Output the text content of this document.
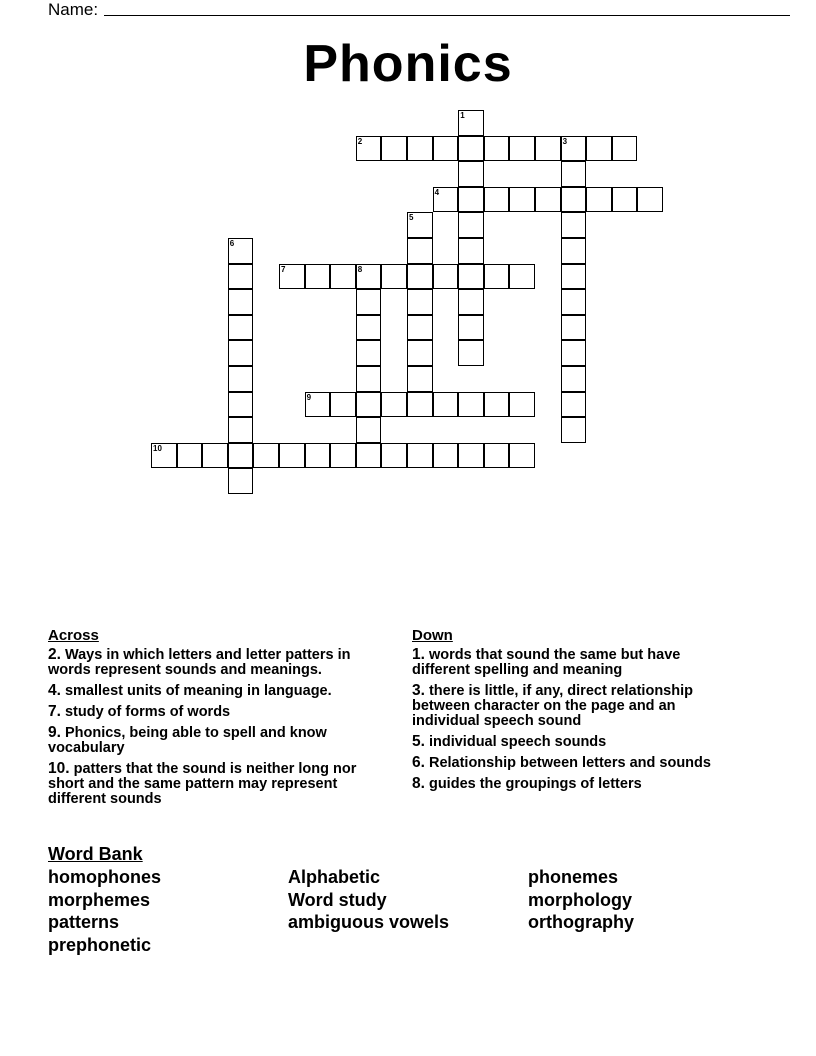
Name:
Phonics
1
2	3
4
5
6
7	8
9
10
Across
2. Ways in which letters and letter patters in words represent sounds and meanings.
4. smallest units of meaning in language.
7. study of forms of words
9. Phonics, being able to spell and know vocabulary
10. patters that the sound is neither long nor short and the same pattern may represent different sounds
Down
1. words that sound the same but have different spelling and meaning
3. there is little, if any, direct relationship between character on the page and an individual speech sound
5. individual speech sounds
6. Relationship between letters and sounds
8. guides the groupings of letters
Word Bank
homophones	Alphabetic	phonemes
morphemes	Word study	morphology
patterns	ambiguous vowels	orthography
prephonetic
